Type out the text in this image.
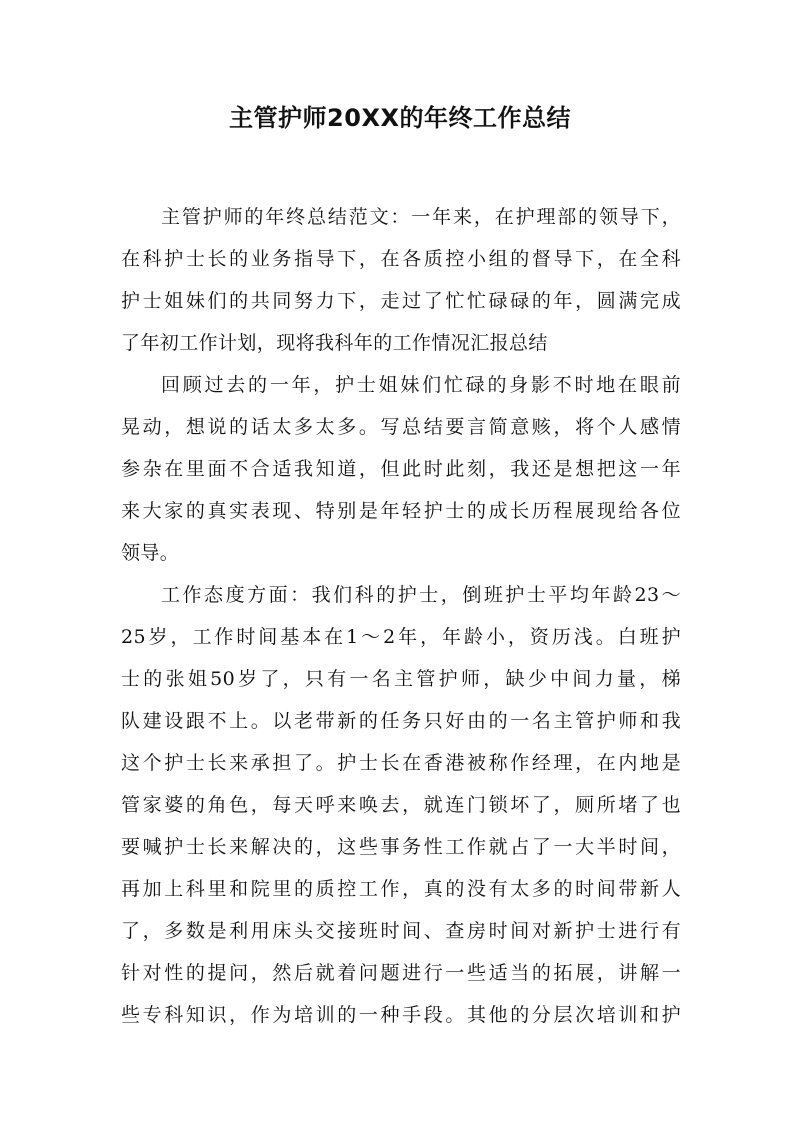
主管护师20XX的年终工作总结
主管护师的年终总结范文：一年来，在护理部的领导下，
在科护士长的业务指导下，在各质控小组的督导下，在全科
护士姐妹们的共同努力下，走过了忙忙碌碌的年，圆满完成
了年初工作计划，现将我科年的工作情况汇报总结
回顾过去的一年，护士姐妹们忙碌的身影不时地在眼前
晃动，想说的话太多太多。写总结要言简意赅，将个人感情
参杂在里面不合适我知道，但此时此刻，我还是想把这一年
来大家的真实表现、特别是年轻护士的成长历程展现给各位
领导。
工作态度方面：我们科的护士，倒班护士平均年龄23～
25岁，工作时间基本在1～2年，年龄小，资历浅。白班护
士的张姐50岁了，只有一名主管护师，缺少中间力量，梯
队建设跟不上。以老带新的任务只好由的一名主管护师和我
这个护士长来承担了。护士长在香港被称作经理，在内地是
管家婆的角色，每天呼来唤去，就连门锁坏了，厕所堵了也
要喊护士长来解决的，这些事务性工作就占了一大半时间，
再加上科里和院里的质控工作，真的没有太多的时间带新人
了，多数是利用床头交接班时间、查房时间对新护士进行有
针对性的提问，然后就着问题进行一些适当的拓展，讲解一
些专科知识，作为培训的一种手段。其他的分层次培训和护
